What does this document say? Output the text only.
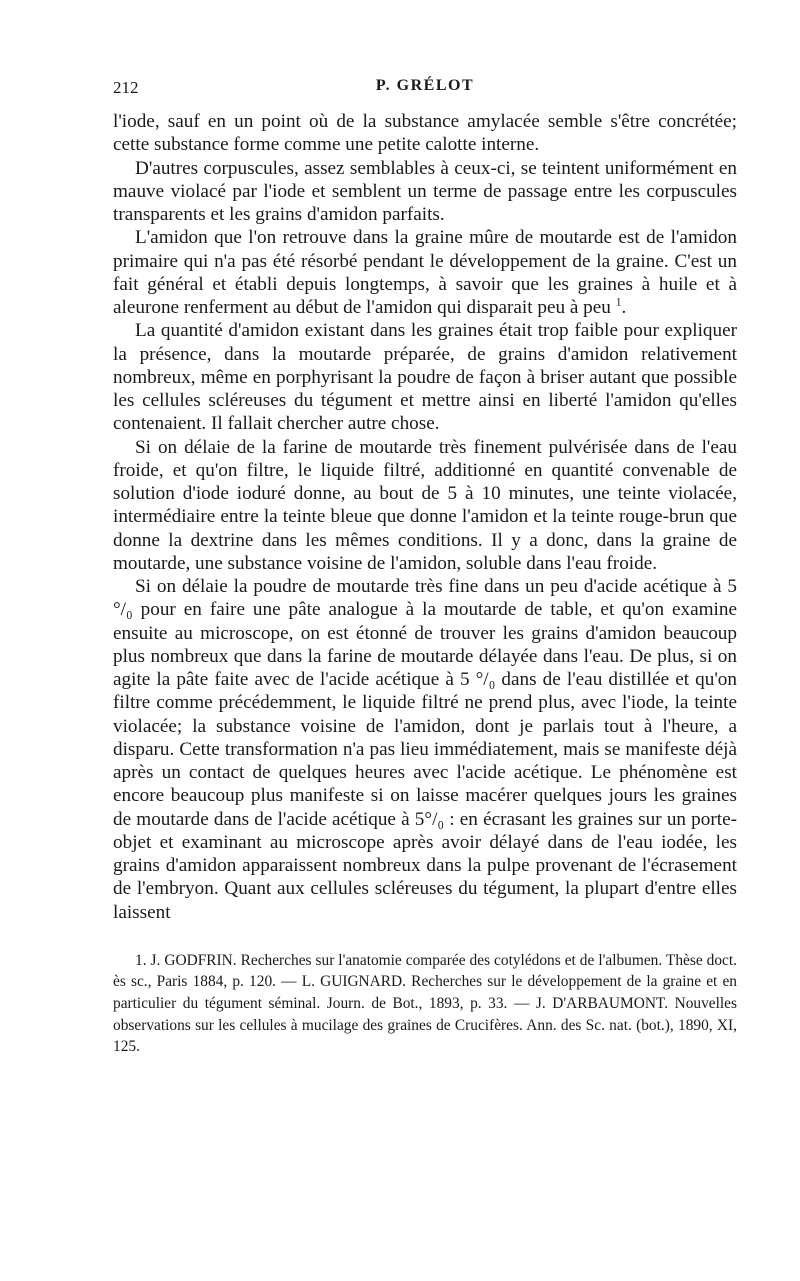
212	P. GRÉLOT

l'iode, sauf en un point où de la substance amylacée semble s'être concrétée; cette substance forme comme une petite calotte interne.

D'autres corpuscules, assez semblables à ceux-ci, se teintent uniformément en mauve violacé par l'iode et semblent un terme de passage entre les corpuscules transparents et les grains d'amidon parfaits.

L'amidon que l'on retrouve dans la graine mûre de moutarde est de l'amidon primaire qui n'a pas été résorbé pendant le développement de la graine. C'est un fait général et établi depuis longtemps, à savoir que les graines à huile et à aleurone renferment au début de l'amidon qui disparait peu à peu $^1$.

La quantité d'amidon existant dans les graines était trop faible pour expliquer la présence, dans la moutarde préparée, de grains d'amidon relativement nombreux, même en porphyrisant la poudre de façon à briser autant que possible les cellules scléreuses du tégument et mettre ainsi en liberté l'amidon qu'elles contenaient. Il fallait chercher autre chose.

Si on délaie de la farine de moutarde très finement pulvérisée dans de l'eau froide, et qu'on filtre, le liquide filtré, additionné en quantité convenable de solution d'iode ioduré donne, au bout de 5 à 10 minutes, une teinte violacée, intermédiaire entre la teinte bleue que donne l'amidon et la teinte rouge-brun que donne la dextrine dans les mêmes conditions. Il y a donc, dans la graine de moutarde, une substance voisine de l'amidon, soluble dans l'eau froide.

Si on délaie la poudre de moutarde très fine dans un peu d'acide acétique à 5 °/₀ pour en faire une pâte analogue à la moutarde de table, et qu'on examine ensuite au microscope, on est étonné de trouver les grains d'amidon beaucoup plus nombreux que dans la farine de moutarde délayée dans l'eau. De plus, si on agite la pâte faite avec de l'acide acétique à 5 °/₀ dans de l'eau distillée et qu'on filtre comme précédemment, le liquide filtré ne prend plus, avec l'iode, la teinte violacée; la substance voisine de l'amidon, dont je parlais tout à l'heure, a disparu. Cette transformation n'a pas lieu immédiatement, mais se manifeste déjà après un contact de quelques heures avec l'acide acétique. Le phénomène est encore beaucoup plus manifeste si on laisse macérer quelques jours les graines de moutarde dans de l'acide acétique à 5°/₀ : en écrasant les graines sur un porte-objet et examinant au microscope après avoir délayé dans de l'eau iodée, les grains d'amidon apparaissent nombreux dans la pulpe provenant de l'écrasement de l'embryon. Quant aux cellules scléreuses du tégument, la plupart d'entre elles laissent

1. J. GODFRIN. Recherches sur l'anatomie comparée des cotylédons et de l'albumen. Thèse doct. ès sc., Paris 1884, p. 120. — L. GUIGNARD. Recherches sur le développement de la graine et en particulier du tégument séminal. Journ. de Bot., 1893, p. 33. — J. D'ARBAUMONT. Nouvelles observations sur les cellules à mucilage des graines de Crucifères. Ann. des Sc. nat. (bot.), 1890, XI, 125.
